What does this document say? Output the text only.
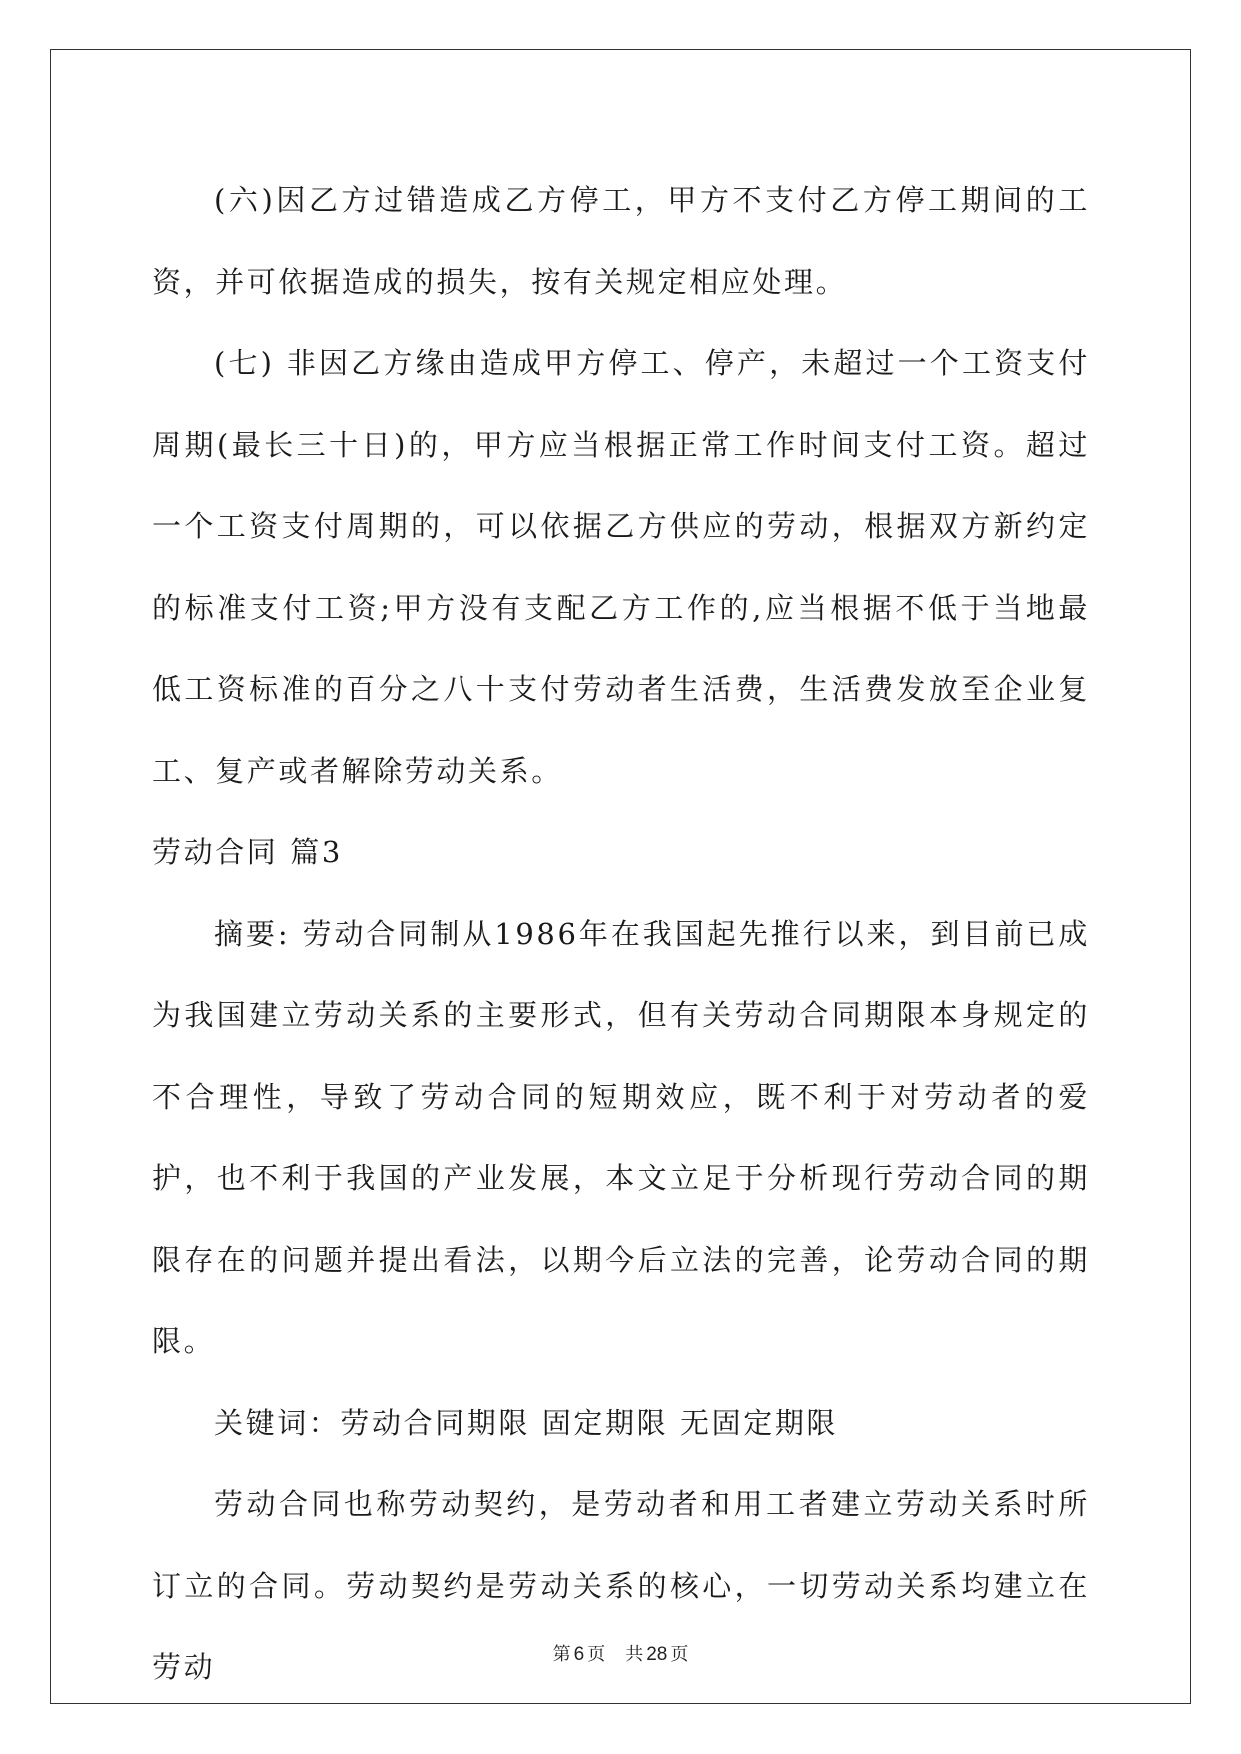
(六)因乙方过错造成乙方停工，甲方不支付乙方停工期间的工资，并可依据造成的损失，按有关规定相应处理。

(七) 非因乙方缘由造成甲方停工、停产，未超过一个工资支付周期(最长三十日)的，甲方应当根据正常工作时间支付工资。超过一个工资支付周期的，可以依据乙方供应的劳动，根据双方新约定的标准支付工资;甲方没有支配乙方工作的,应当根据不低于当地最低工资标准的百分之八十支付劳动者生活费，生活费发放至企业复工、复产或者解除劳动关系。

劳动合同 篇3

摘要: 劳动合同制从1986年在我国起先推行以来，到目前已成为我国建立劳动关系的主要形式，但有关劳动合同期限本身规定的不合理性，导致了劳动合同的短期效应，既不利于对劳动者的爱护，也不利于我国的产业发展，本文立足于分析现行劳动合同的期限存在的问题并提出看法，以期今后立法的完善，论劳动合同的期限。

关键词：劳动合同期限 固定期限 无固定期限

劳动合同也称劳动契约，是劳动者和用工者建立劳动关系时所订立的合同。劳动契约是劳动关系的核心，一切劳动关系均建立在劳动	第 6 页 共 28 页
